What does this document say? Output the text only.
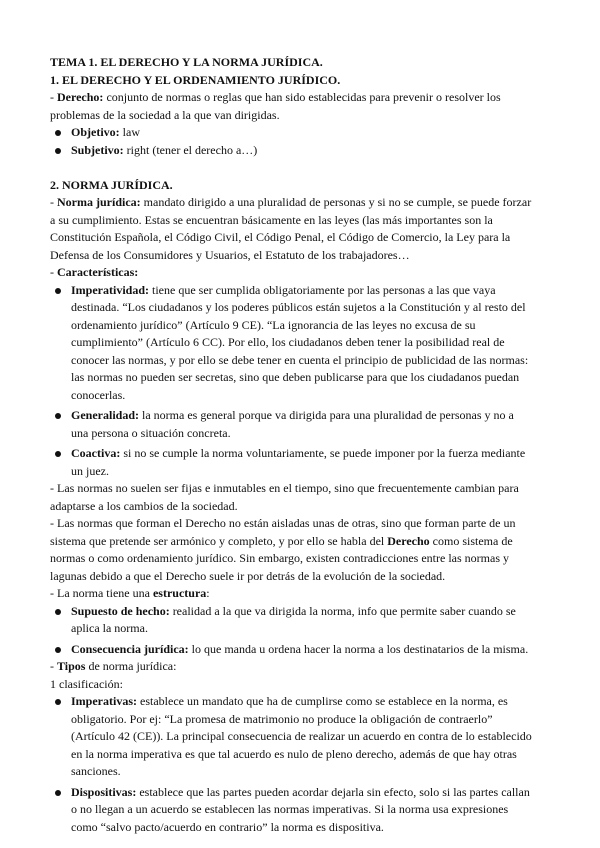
TEMA 1. EL DERECHO Y LA NORMA JURÍDICA.

1. EL DERECHO Y EL ORDENAMIENTO JURÍDICO.

- Derecho: conjunto de normas o reglas que han sido establecidas para prevenir o resolver los problemas de la sociedad a la que van dirigidas.

Objetivo: law
Subjetivo: right (tener el derecho a…)

2. NORMA JURÍDICA.

- Norma jurídica: mandato dirigido a una pluralidad de personas y si no se cumple, se puede forzar a su cumplimiento. Estas se encuentran básicamente en las leyes (las más importantes son la Constitución Española, el Código Civil, el Código Penal, el Código de Comercio, la Ley para la Defensa de los Consumidores y Usuarios, el Estatuto de los trabajadores…

- Características:

Imperatividad: tiene que ser cumplida obligatoriamente por las personas a las que vaya destinada. “Los ciudadanos y los poderes públicos están sujetos a la Constitución y al resto del ordenamiento jurídico” (Artículo 9 CE). “La ignorancia de las leyes no excusa de su cumplimiento” (Artículo 6 CC). Por ello, los ciudadanos deben tener la posibilidad real de conocer las normas, y por ello se debe tener en cuenta el principio de publicidad de las normas: las normas no pueden ser secretas, sino que deben publicarse para que los ciudadanos puedan conocerlas.
Generalidad: la norma es general porque va dirigida para una pluralidad de personas y no a una persona o situación concreta.
Coactiva: si no se cumple la norma voluntariamente, se puede imponer por la fuerza mediante un juez.

- Las normas no suelen ser fijas e inmutables en el tiempo, sino que frecuentemente cambian para adaptarse a los cambios de la sociedad.

- Las normas que forman el Derecho no están aisladas unas de otras, sino que forman parte de un sistema que pretende ser armónico y completo, y por ello se habla del Derecho como sistema de normas o como ordenamiento jurídico. Sin embargo, existen contradicciones entre las normas y lagunas debido a que el Derecho suele ir por detrás de la evolución de la sociedad.

- La norma tiene una estructura:

Supuesto de hecho: realidad a la que va dirigida la norma, info que permite saber cuando se aplica la norma.
Consecuencia jurídica: lo que manda u ordena hacer la norma a los destinatarios de la misma.

- Tipos de norma jurídica:

1 clasificación:

Imperativas: establece un mandato que ha de cumplirse como se establece en la norma, es obligatorio. Por ej: “La promesa de matrimonio no produce la obligación de contraerlo” (Artículo 42 (CE)). La principal consecuencia de realizar un acuerdo en contra de lo establecido en la norma imperativa es que tal acuerdo es nulo de pleno derecho, además de que hay otras sanciones.
Dispositivas: establece que las partes pueden acordar dejarla sin efecto, solo si las partes callan o no llegan a un acuerdo se establecen las normas imperativas. Si la norma usa expresiones como “salvo pacto/acuerdo en contrario” la norma es dispositiva.
